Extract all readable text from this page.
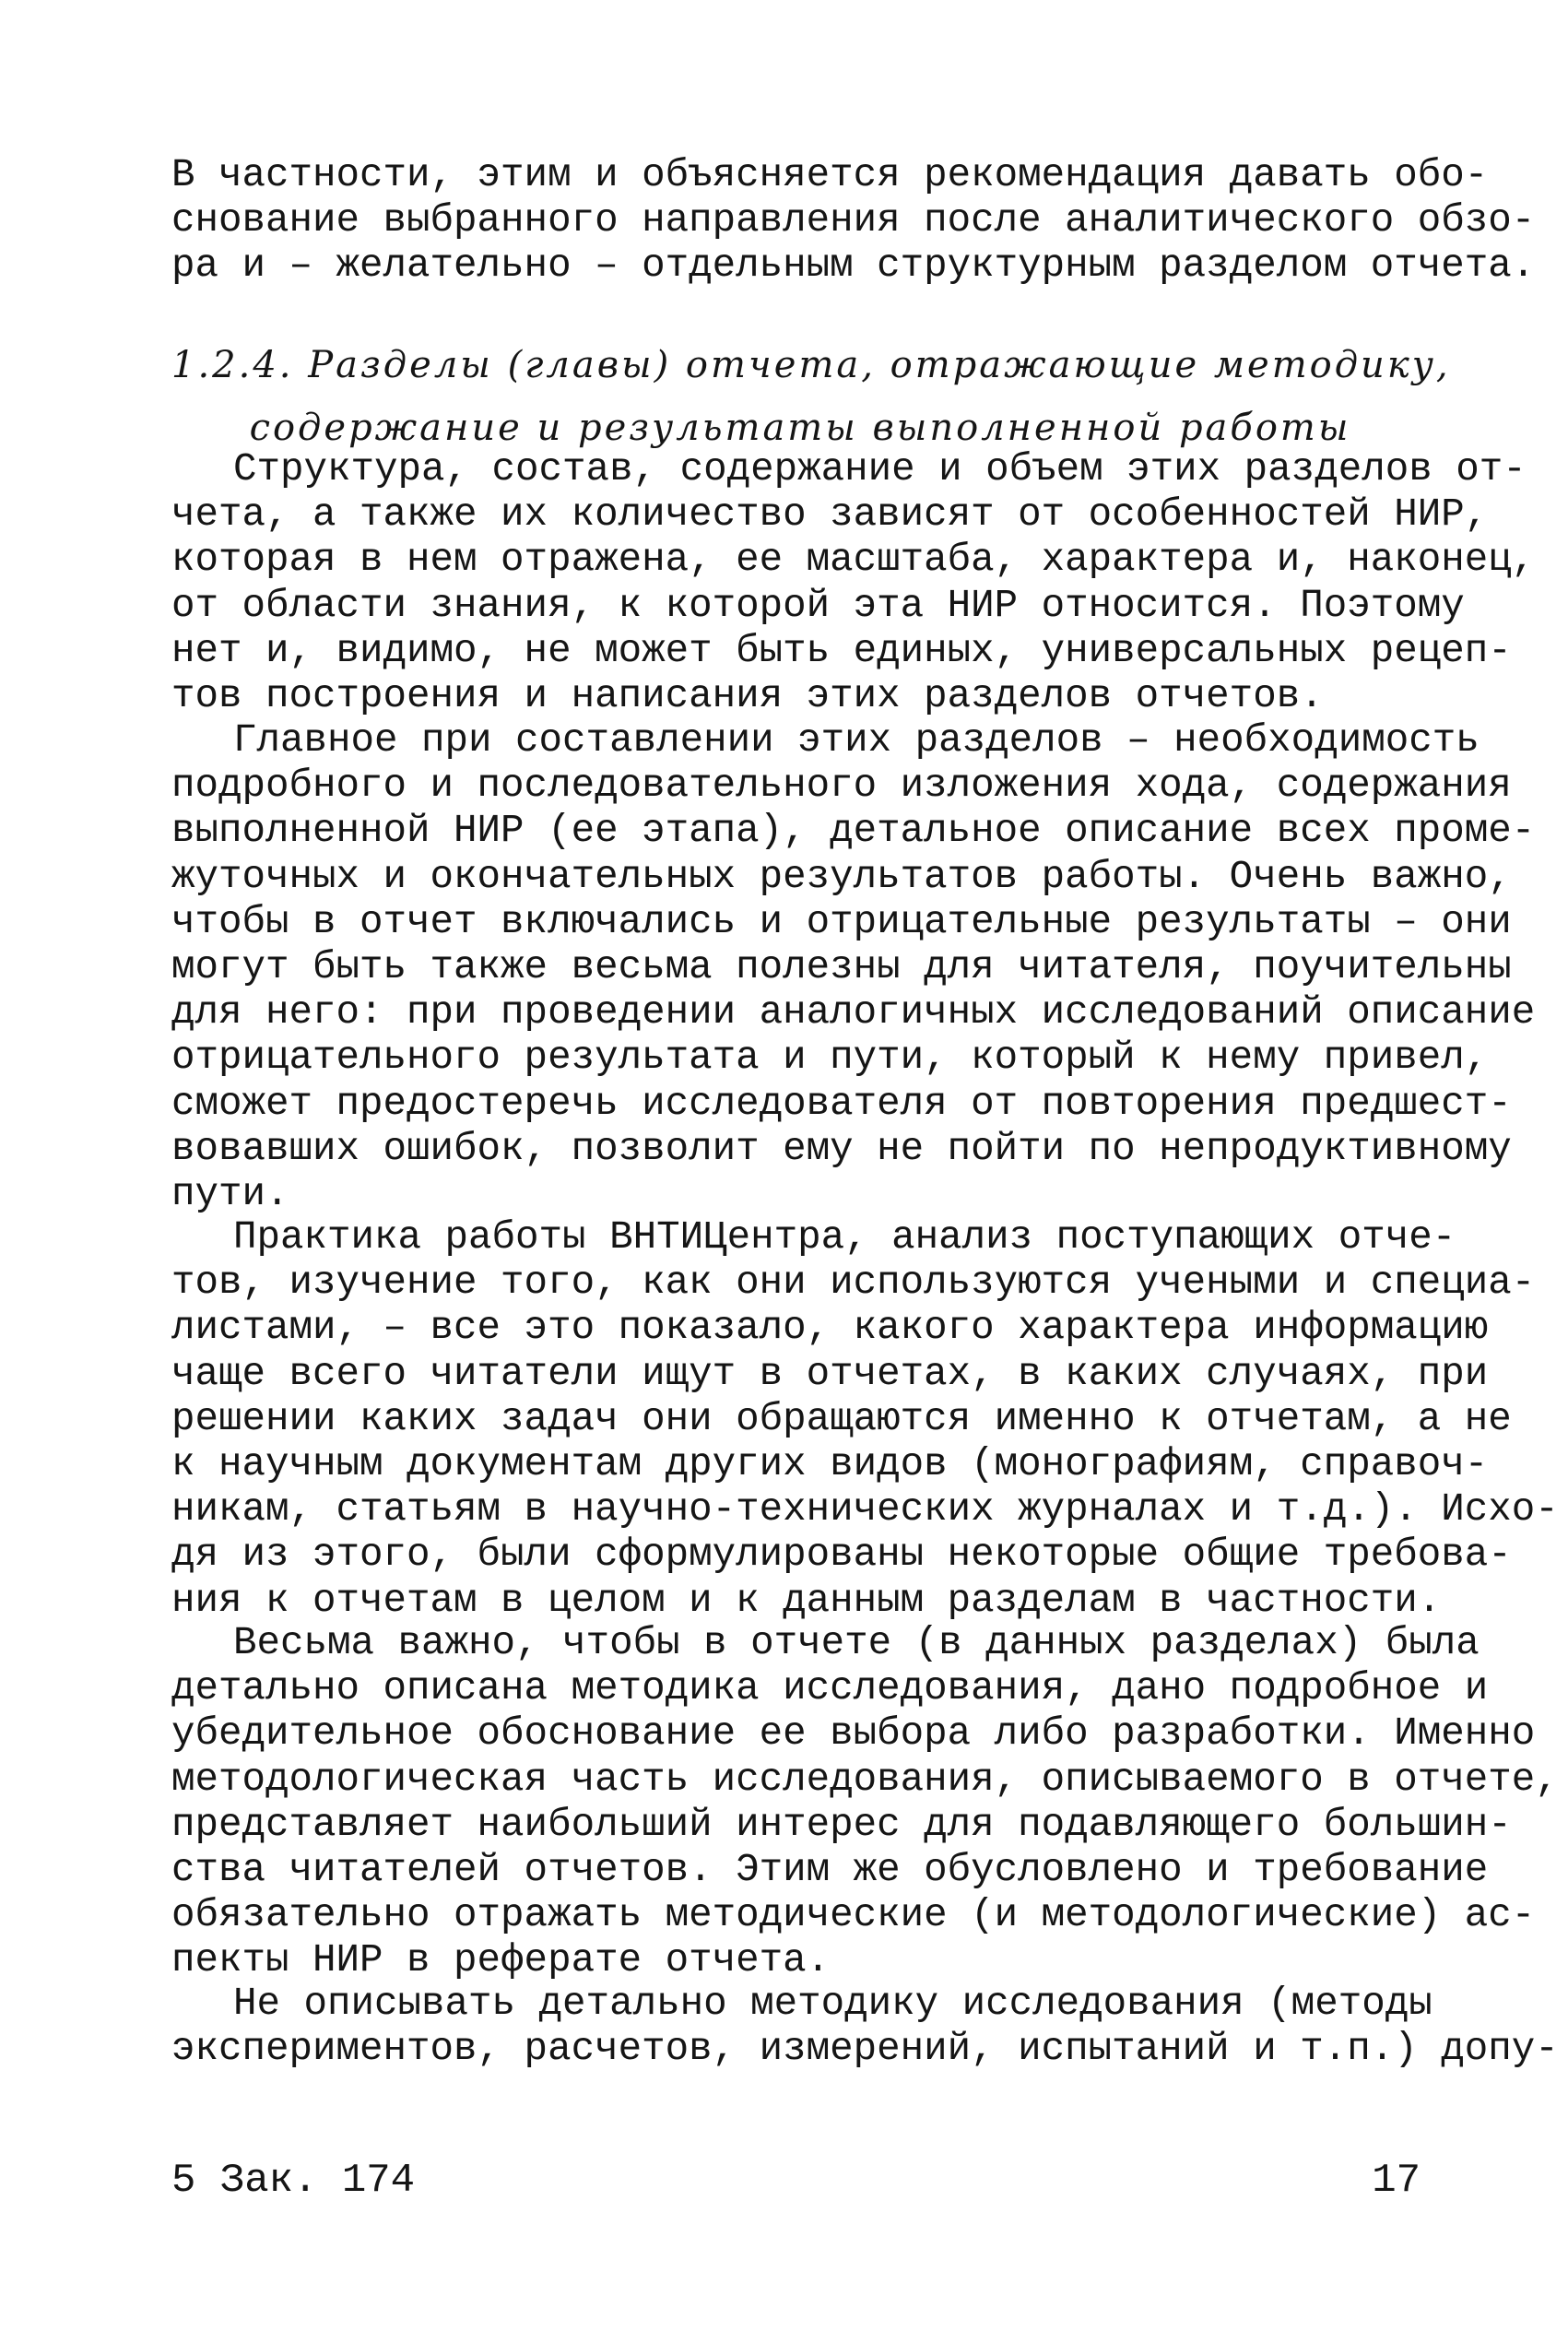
В частности, этим и объясняется рекомендация давать обо-
снование выбранного направления после аналитического обзо-
ра и – желательно – отдельным структурным разделом отчета.
1.2.4. Разделы (главы) отчета, отражающие методику,
содержание и результаты выполненной работы
Структура, состав, содержание и объем этих разделов от-
чета, а также их количество зависят от особенностей НИР,
которая в нем отражена, ее масштаба, характера и, наконец,
от области знания, к которой эта НИР относится. Поэтому
нет и, видимо, не может быть единых, универсальных рецеп-
тов построения и написания этих разделов отчетов.
Главное при составлении этих разделов – необходимость
подробного и последовательного изложения хода, содержания
выполненной НИР (ее этапа), детальное описание всех проме-
жуточных и окончательных результатов работы. Очень важно,
чтобы в отчет включались и отрицательные результаты – они
могут быть также весьма полезны для читателя, поучительны
для него: при проведении аналогичных исследований описание
отрицательного результата и пути, который к нему привел,
сможет предостеречь исследователя от повторения предшест-
вовавших ошибок, позволит ему не пойти по непродуктивному
пути.
Практика работы ВНТИЦентра, анализ поступающих отче-
тов, изучение того, как они используются учеными и специа-
листами, – все это показало, какого характера информацию
чаще всего читатели ищут в отчетах, в каких случаях, при
решении каких задач они обращаются именно к отчетам, а не
к научным документам других видов (монографиям, справоч-
никам, статьям в научно-технических журналах и т.д.). Исхо-
дя из этого, были сформулированы некоторые общие требова-
ния к отчетам в целом и к данным разделам в частности.
Весьма важно, чтобы в отчете (в данных разделах) была
детально описана методика исследования, дано подробное и
убедительное обоснование ее выбора либо разработки. Именно
методологическая часть исследования, описываемого в отчете,
представляет наибольший интерес для подавляющего большин-
ства читателей отчетов. Этим же обусловлено и требование
обязательно отражать методические (и методологические) ас-
пекты НИР в реферате отчета.
Не описывать детально методику исследования (методы
экспериментов, расчетов, измерений, испытаний и т.п.) допу-
5 Зак. 174	17
